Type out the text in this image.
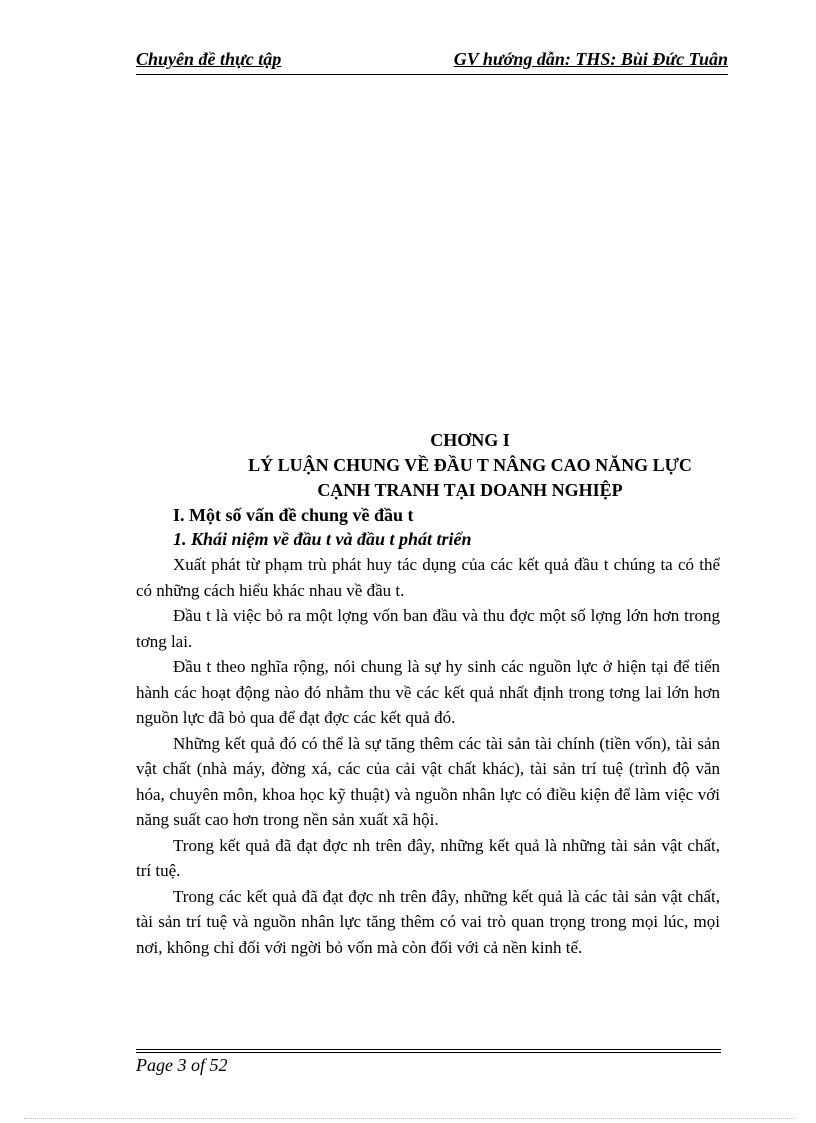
Chuyên đề thực tập	GV hướng dẫn: THS: Bùi Đức Tuân
CHƠNG I
LÝ LUẬN CHUNG VỀ ĐẦU T NÂNG CAO NĂNG LỰC
CẠNH TRANH TẠI DOANH NGHIỆP
I. Một số vấn đề chung về đầu t
1. Khái niệm về đầu t và đầu t phát triển

Xuất phát từ phạm trù phát huy tác dụng của các kết quả đầu t chúng ta có thể có những cách hiểu khác nhau về đầu t.

Đầu t là việc bỏ ra một lợng vốn ban đầu và thu đợc một số lợng lớn hơn trong tơng lai.

Đầu t theo nghĩa rộng, nói chung là sự hy sinh các nguồn lực ở hiện tại để tiến hành các hoạt động nào đó nhằm thu về các kết quả nhất định trong tơng lai lớn hơn nguồn lực đã bỏ qua để đạt đợc các kết quả đó.

Những kết quả đó có thể là sự tăng thêm các tài sản tài chính (tiền vốn), tài sản vật chất (nhà máy, đờng xá, các của cải vật chất khác), tài sản trí tuệ (trình độ văn hóa, chuyên môn, khoa học kỹ thuật) và nguồn nhân lực có điều kiện để làm việc với năng suất cao hơn trong nền sản xuất xã hội.

Trong kết quả đã đạt đợc nh trên đây, những kết quả là những tài sản vật chất, trí tuệ.

Trong các kết quả đã đạt đợc nh trên đây, những kết quả là các tài sản vật chất, tài sản trí tuệ và nguồn nhân lực tăng thêm có vai trò quan trọng trong mọi lúc, mọi nơi, không chỉ đối với ngời bỏ vốn mà còn đối với cả nền kinh tế.

Page 3 of 52
